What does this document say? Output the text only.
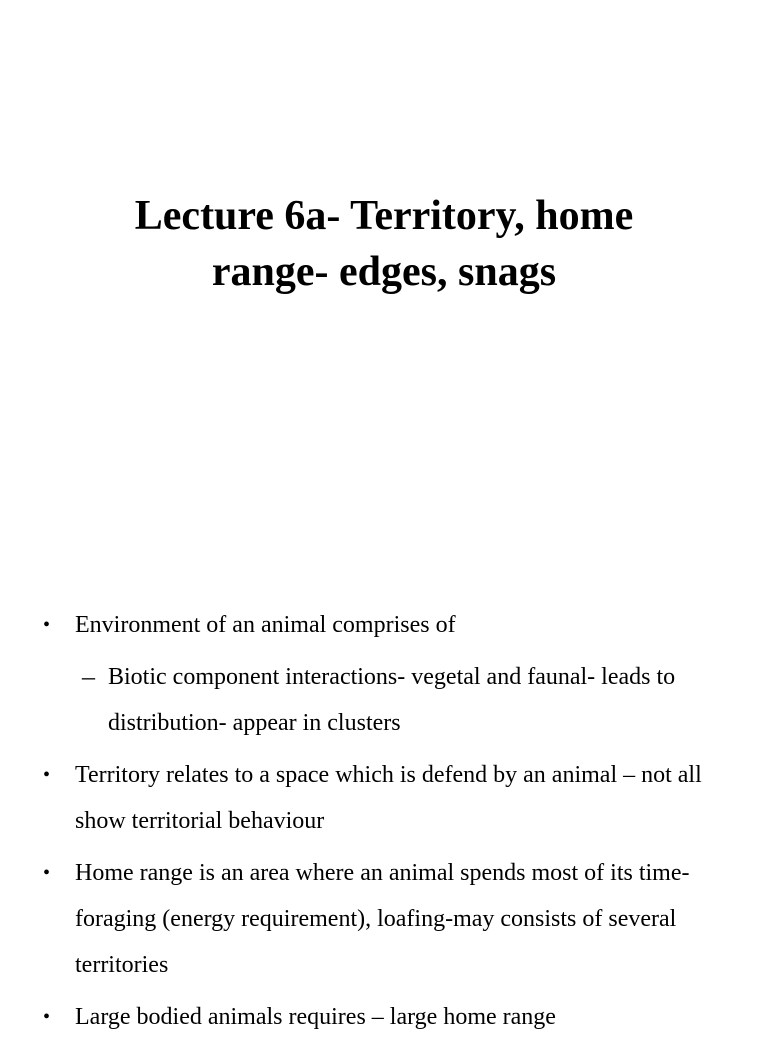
Lecture 6a- Territory, home
range- edges, snags
• Environment of an animal comprises of
– Biotic component interactions- vegetal and faunal- leads to distribution- appear in clusters
• Territory relates to a space which is defend by an animal – not all show territorial behaviour
• Home range is an area where an animal spends most of its time- foraging (energy requirement), loafing-may consists of several territories
• Large bodied animals requires – large home range
